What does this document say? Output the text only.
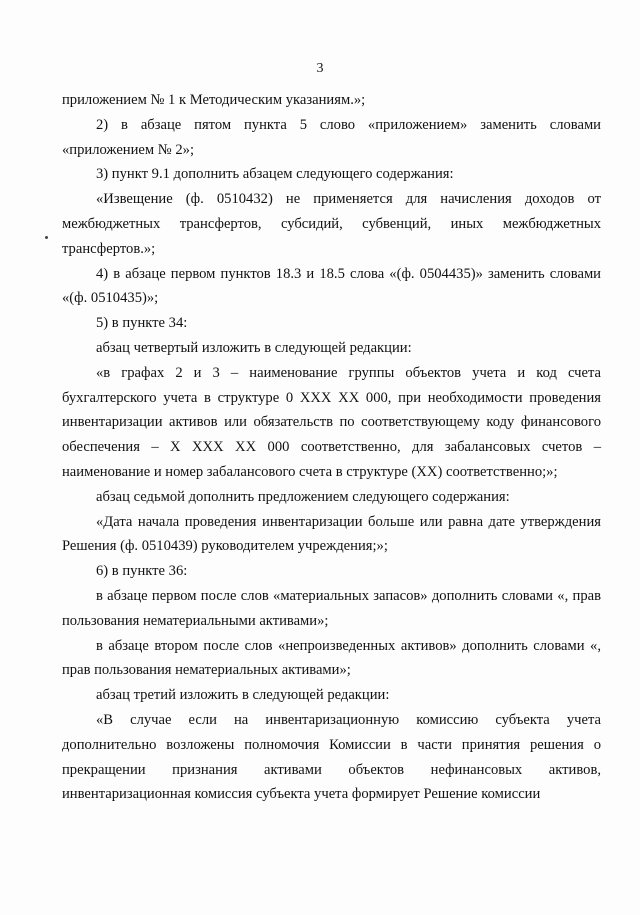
3

приложением № 1 к Методическим указаниям.»;

2) в абзаце пятом пункта 5 слово «приложением» заменить словами «приложением № 2»;

3) пункт 9.1 дополнить абзацем следующего содержания:

«Извещение (ф. 0510432) не применяется для начисления доходов от межбюджетных трансфертов, субсидий, субвенций, иных межбюджетных трансфертов.»;

4) в абзаце первом пунктов 18.3 и 18.5 слова «(ф. 0504435)» заменить словами «(ф. 0510435)»;

5) в пункте 34:

абзац четвертый изложить в следующей редакции:

«в графах 2 и 3 – наименование группы объектов учета и код счета бухгалтерского учета в структуре 0 XXX XX 000, при необходимости проведения инвентаризации активов или обязательств по соответствующему коду финансового обеспечения – X XXX XX 000 соответственно, для забалансовых счетов – наименование и номер забалансового счета в структуре (XX) соответственно;»;

абзац седьмой дополнить предложением следующего содержания:

«Дата начала проведения инвентаризации больше или равна дате утверждения Решения (ф. 0510439) руководителем учреждения;»;

6) в пункте 36:

в абзаце первом после слов «материальных запасов» дополнить словами «, прав пользования нематериальными активами»;

в абзаце втором после слов «непроизведенных активов» дополнить словами «, прав пользования нематериальных активами»;

абзац третий изложить в следующей редакции:

«В случае если на инвентаризационную комиссию субъекта учета дополнительно возложены полномочия Комиссии в части принятия решения о прекращении признания активами объектов нефинансовых активов, инвентаризационная комиссия субъекта учета формирует Решение комиссии
